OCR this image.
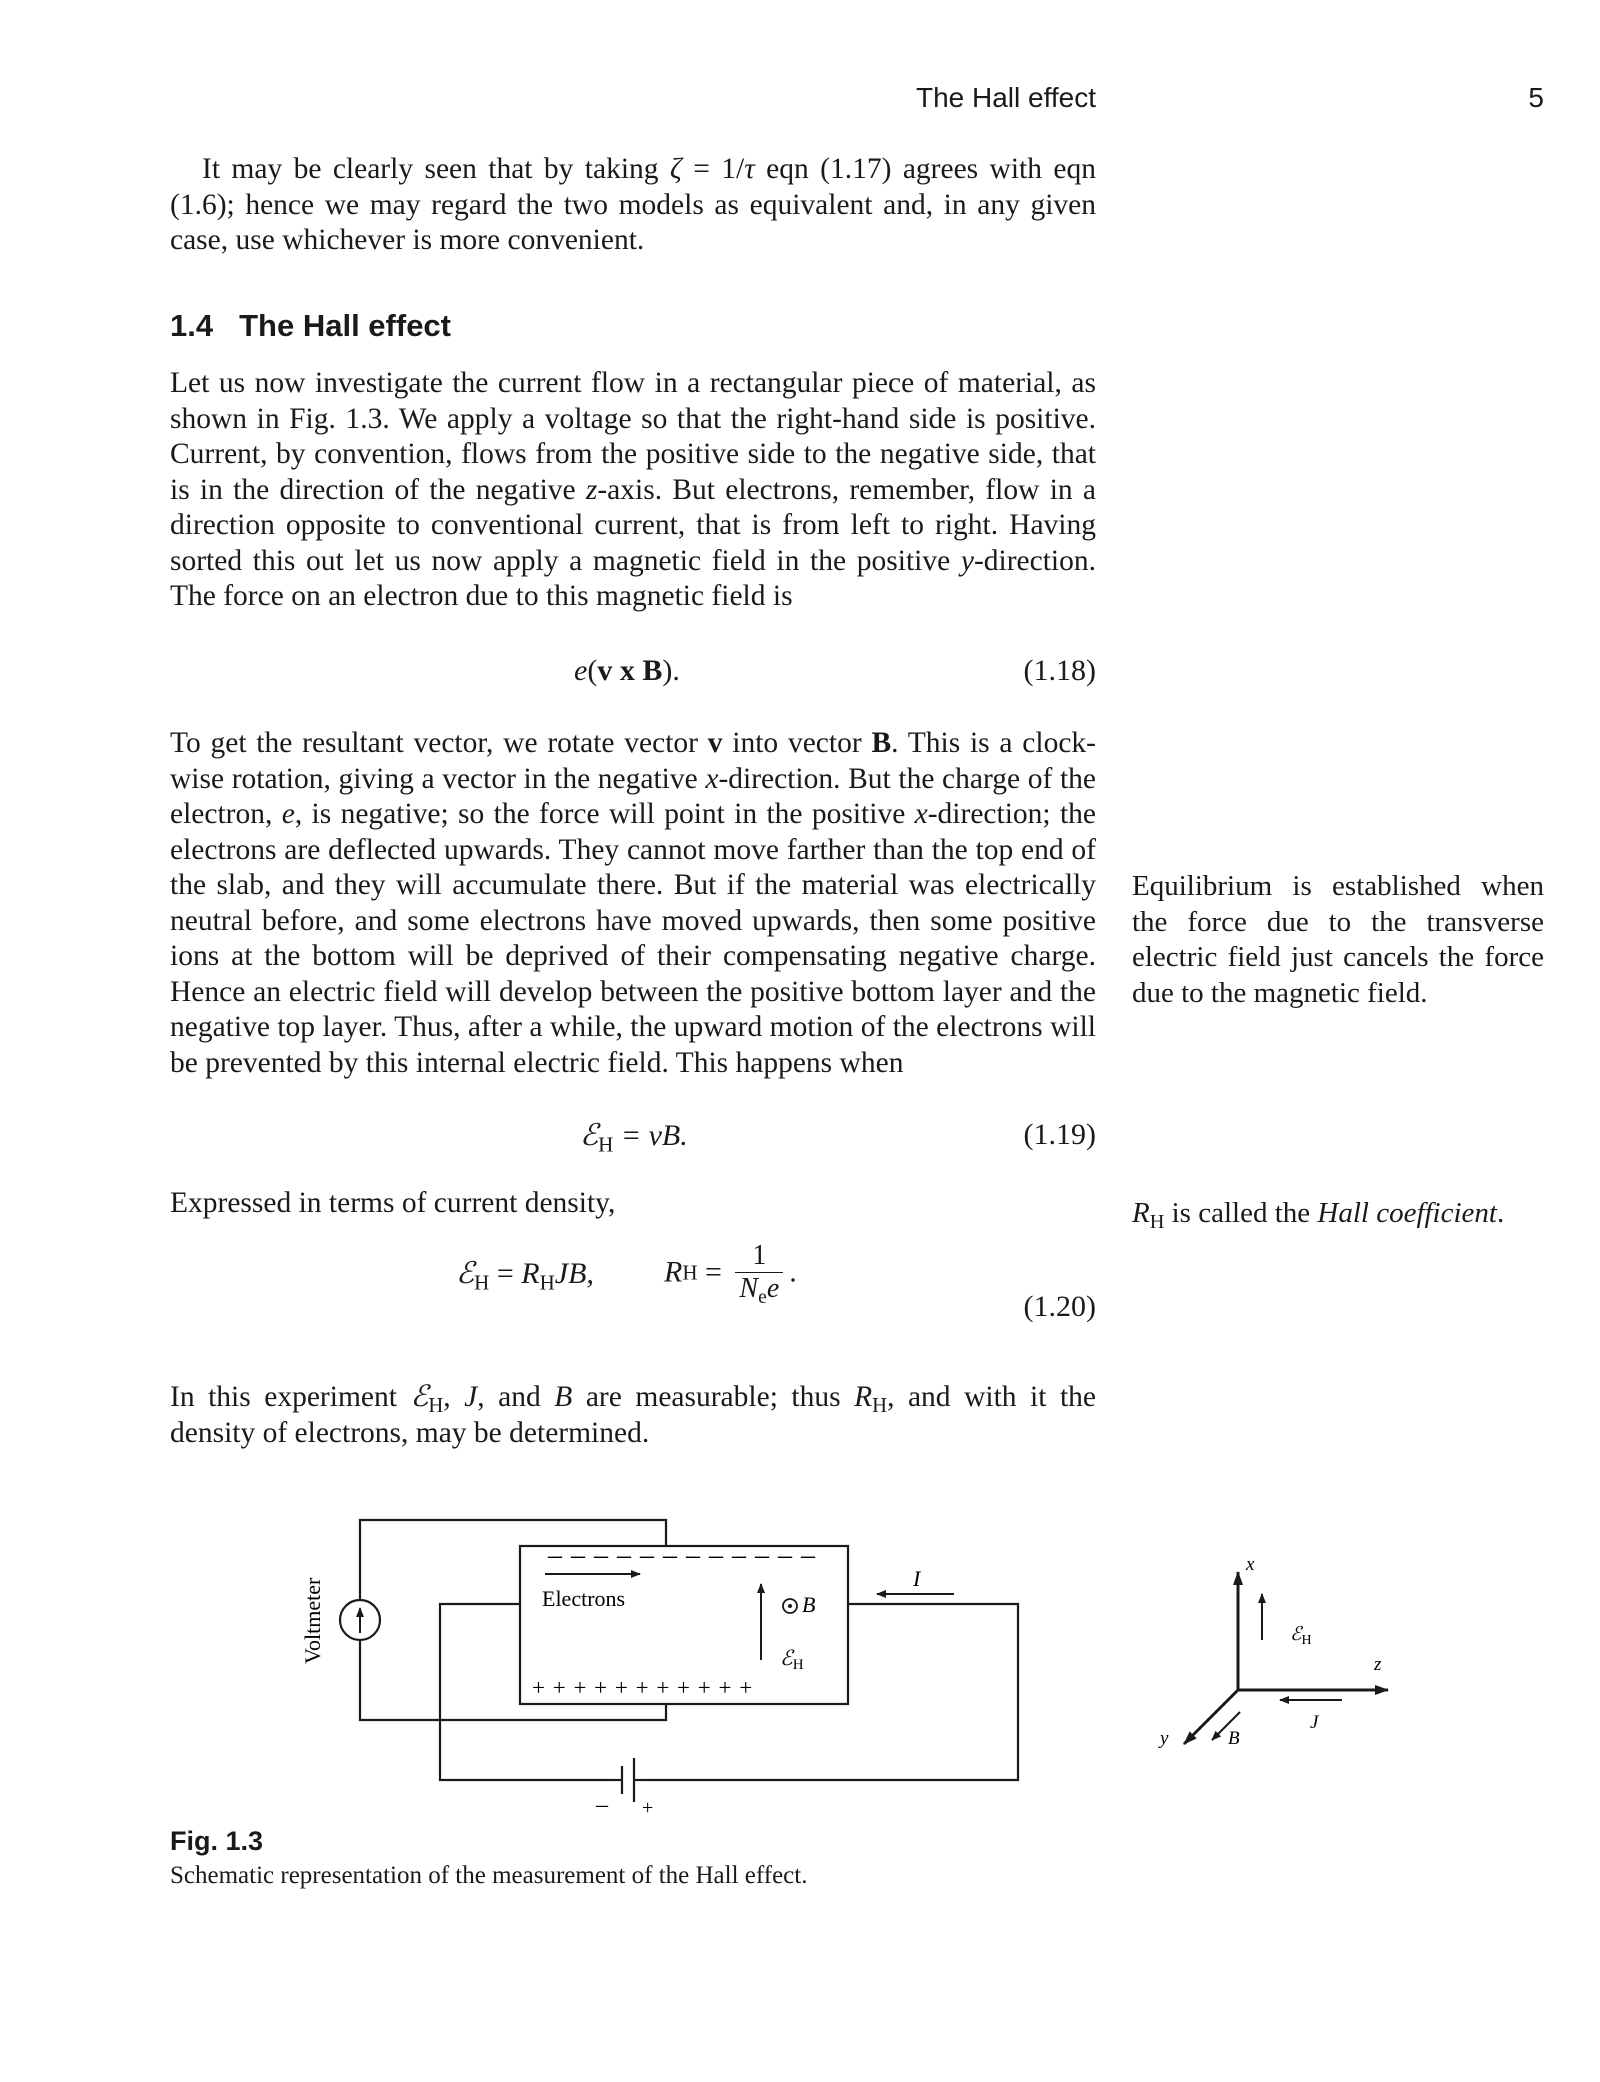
The Hall effect	5
It may be clearly seen that by taking ζ = 1/τ eqn (1.17) agrees with eqn (1.6); hence we may regard the two models as equivalent and, in any given case, use whichever is more convenient.
1.4 The Hall effect
Let us now investigate the current flow in a rectangular piece of material, as shown in Fig. 1.3. We apply a voltage so that the right-hand side is positive. Current, by convention, flows from the positive side to the negative side, that is in the direction of the negative z-axis. But electrons, remember, flow in a direction opposite to conventional current, that is from left to right. Having sorted this out let us now apply a magnetic field in the positive y-direction. The force on an electron due to this magnetic field is
e(v x B).	(1.18)
To get the resultant vector, we rotate vector v into vector B. This is a clock-wise rotation, giving a vector in the negative x-direction. But the charge of the electron, e, is negative; so the force will point in the positive x-direction; the electrons are deflected upwards. They cannot move farther than the top end of the slab, and they will accumulate there. But if the material was electrically neutral before, and some electrons have moved upwards, then some positive ions at the bottom will be deprived of their compensating negative charge. Hence an electric field will develop between the positive bottom layer and the negative top layer. Thus, after a while, the upward motion of the electrons will be prevented by this internal electric field. This happens when
Equilibrium is established when the force due to the transverse electric field just cancels the force due to the magnetic field.
ℰ$_H$ = vB.	(1.19)
Expressed in terms of current density,	$R_H$ is called the Hall coefficient.
ℰ$_H$ = $R_HJB$, RH = $\frac{1}{N_ee}$ .
(1.20)
In this experiment ℰ$_H$, J, and B are measurable; thus $R_H$, and with it the density of electrons, may be determined.
– – – – – – – – – – – –
+ + + + + + + + + + +
Electrons
ℰH
B
I
Voltmeter
– +
x
z
y	B
J
ℰ$_H$
Fig. 1.3
Schematic representation of the measurement of the Hall effect.
